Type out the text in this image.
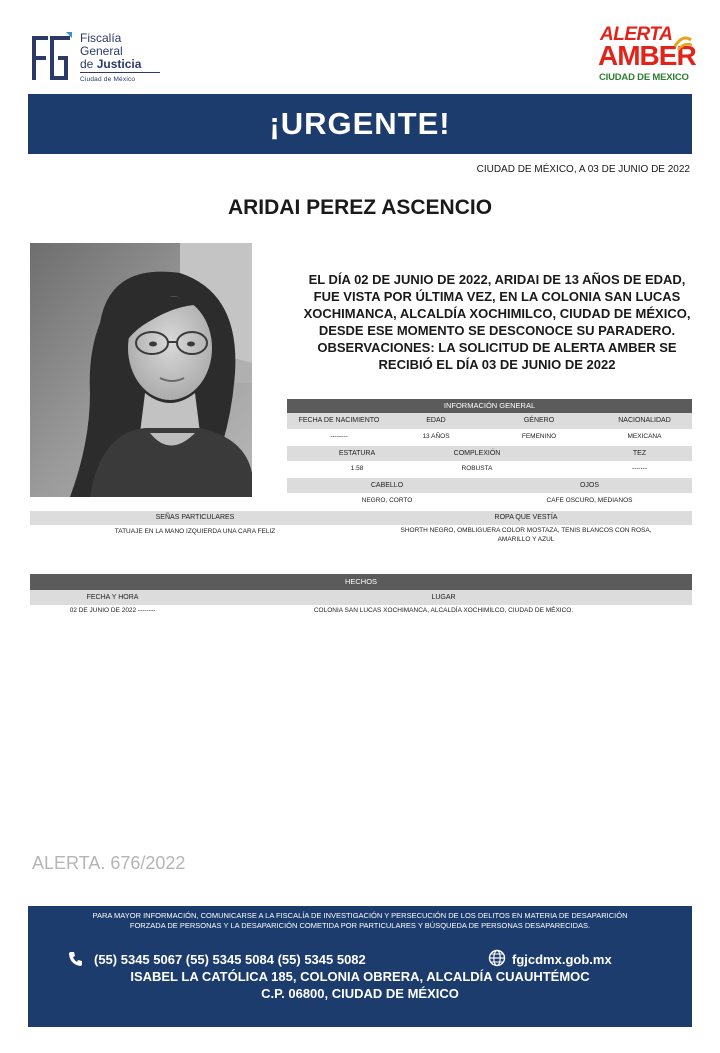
Fiscalía
General
de Justicia
Ciudad de México
ALERTA
AMBER
CIUDAD DE MEXICO
¡URGENTE!
CIUDAD DE MÉXICO, A 03 DE JUNIO DE 2022
ARIDAI PEREZ ASCENCIO
EL DÍA 02 DE JUNIO DE 2022, ARIDAI DE 13 AÑOS DE EDAD, FUE VISTA POR ÚLTIMA VEZ, EN LA COLONIA SAN LUCAS XOCHIMANCA, ALCALDÍA XOCHIMILCO, CIUDAD DE MÉXICO, DESDE ESE MOMENTO SE DESCONOCE SU PARADERO. OBSERVACIONES: LA SOLICITUD DE ALERTA AMBER SE RECIBIÓ EL DÍA 03 DE JUNIO DE 2022
INFORMACIÓN GENERAL
FECHA DE NACIMIENTO	EDAD	GÉNERO	NACIONALIDAD
--------	13 AÑOS	FEMENINO	MEXICANA
ESTATURA	COMPLEXIÓN	TEZ
1.58	ROBUSTA	-------
CABELLO	OJOS
NEGRO, CORTO	CAFE OSCURO, MEDIANOS
SEÑAS PARTICULARES	ROPA QUE VESTÍA
TATUAJE EN LA MANO IZQUIERDA UNA CARA FELIZ	SHORTH NEGRO, OMBLIGUERA COLOR MOSTAZA, TENIS BLANCOS CON ROSA,
AMARILLO Y AZUL
HECHOS
FECHA Y HORA	LUGAR
02 DE JUNIO DE 2022 --------	COLONIA SAN LUCAS XOCHIMANCA, ALCALDÍA XOCHIMILCO, CIUDAD DE MÉXICO.
ALERTA. 676/2022
PARA MAYOR INFORMACIÓN, COMUNICARSE A LA FISCALÍA DE INVESTIGACIÓN Y PERSECUCIÓN DE LOS DELITOS EN MATERIA DE DESAPARICIÓN
FORZADA DE PERSONAS Y LA DESAPARICIÓN COMETIDA POR PARTICULARES Y BÚSQUEDA DE PERSONAS DESAPARECIDAS.
(55) 5345 5067 (55) 5345 5084 (55) 5345 5082	fgjcdmx.gob.mx
ISABEL LA CATÓLICA 185, COLONIA OBRERA, ALCALDÍA CUAUHTÉMOC
C.P. 06800, CIUDAD DE MÉXICO
